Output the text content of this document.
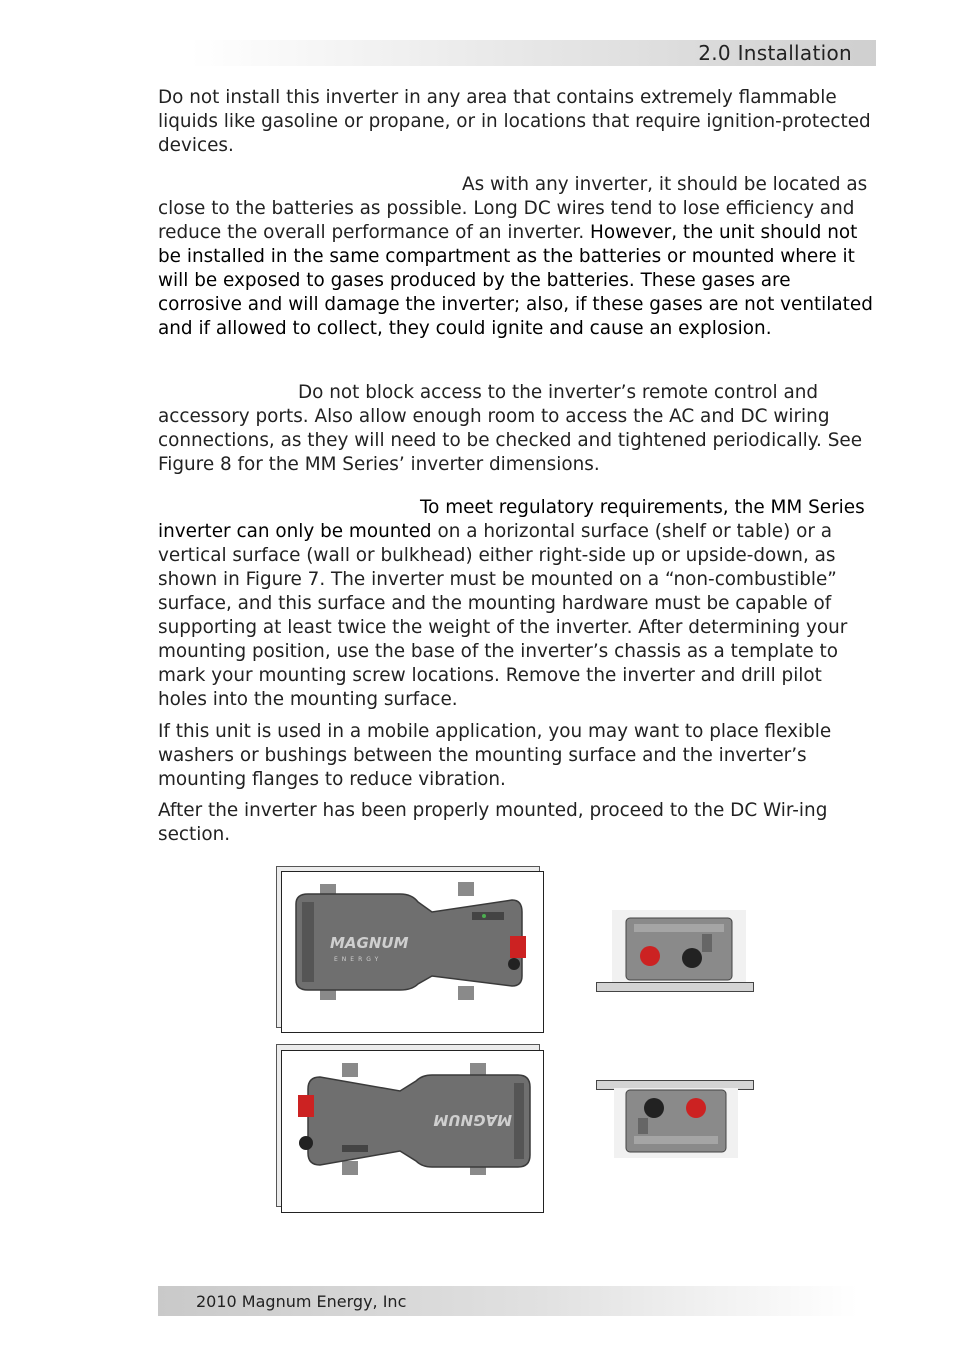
2.0 Installation

Do not install this inverter in any area that contains extremely flammable liquids like gasoline or propane, or in locations that require ignition-protected devices.

As with any inverter, it should be located as close to the batteries as possible. Long DC wires tend to lose efficiency and reduce the overall performance of an inverter. However, the unit should not be installed in the same compartment as the batteries or mounted where it will be exposed to gases produced by the batteries. These gases are corrosive and will damage the inverter; also, if these gases are not ventilated and if allowed to collect, they could ignite and cause an explosion.

Do not block access to the inverter’s remote control and accessory ports. Also allow enough room to access the AC and DC wiring connections, as they will need to be checked and tightened periodically. See Figure 8 for the MM Series’ inverter dimensions.

To meet regulatory requirements, the MM Series inverter can only be mounted on a horizontal surface (shelf or table) or a vertical surface (wall or bulkhead) either right-side up or upside-down, as shown in Figure 7. The inverter must be mounted on a “non-combustible” surface, and this surface and the mounting hardware must be capable of supporting at least twice the weight of the inverter. After determining your mounting position, use the base of the inverter’s chassis as a template to mark your mounting screw locations. Remove the inverter and drill pilot holes into the mounting surface.

If this unit is used in a mobile application, you may want to place flexible washers or bushings between the mounting surface and the inverter’s mounting flanges to reduce vibration.

After the inverter has been properly mounted, proceed to the DC Wir-ing section.

MAGNUM
ENERGY
MAGNUM
2010 Magnum Energy, Inc
